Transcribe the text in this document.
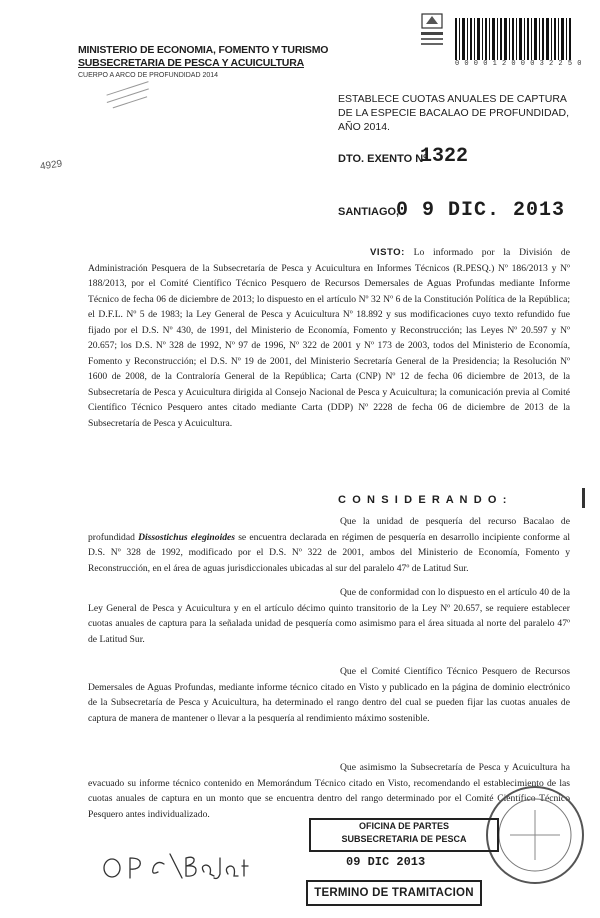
0 0 0 0 1 2 0 0 0 3 2 2 5 0
MINISTERIO DE ECONOMIA, FOMENTO Y TURISMO
SUBSECRETARIA DE PESCA Y ACUICULTURA
CUERPO A ARCO DE PROFUNDIDAD 2014
4929
ESTABLECE CUOTAS ANUALES DE CAPTURA DE LA ESPECIE BACALAO DE PROFUNDIDAD, AÑO 2014.
DTO. EXENTO Nº
1322
SANTIAGO,
0 9 DIC. 2013
VISTO: Lo informado por la División de Administración Pesquera de la Subsecretaría de Pesca y Acuicultura en Informes Técnicos (R.PESQ.) Nº 186/2013 y Nº 188/2013, por el Comité Científico Técnico Pesquero de Recursos Demersales de Aguas Profundas mediante Informe Técnico de fecha 06 de diciembre de 2013; lo dispuesto en el artículo Nº 32 Nº 6 de la Constitución Política de la República; el D.F.L. Nº 5 de 1983; la Ley General de Pesca y Acuicultura Nº 18.892 y sus modificaciones cuyo texto refundido fue fijado por el D.S. Nº 430, de 1991, del Ministerio de Economía, Fomento y Reconstrucción; las Leyes Nº 20.597 y Nº 20.657; los D.S. Nº 328 de 1992, Nº 97 de 1996, Nº 322 de 2001 y Nº 173 de 2003, todos del Ministerio de Economía, Fomento y Reconstrucción; el D.S. Nº 19 de 2001, del Ministerio Secretaría General de la Presidencia; la Resolución Nº 1600 de 2008, de la Contraloría General de la República; Carta (CNP) Nº 12 de fecha 06 diciembre de 2013, de la Subsecretaría de Pesca y Acuicultura dirigida al Consejo Nacional de Pesca y Acuicultura; la comunicación previa al Comité Científico Técnico Pesquero antes citado mediante Carta (DDP) Nº 2228 de fecha 06 de diciembre de 2013 de la Subsecretaría de Pesca y Acuicultura.
C O N S I D E R A N D O :
Que la unidad de pesquería del recurso Bacalao de profundidad Dissostichus eleginoides se encuentra declarada en régimen de pesquería en desarrollo incipiente conforme al D.S. Nº 328 de 1992, modificado por el D.S. Nº 322 de 2001, ambos del Ministerio de Economía, Fomento y Reconstrucción, en el área de aguas jurisdiccionales ubicadas al sur del paralelo 47º de Latitud Sur.
Que de conformidad con lo dispuesto en el artículo 40 de la Ley General de Pesca y Acuicultura y en el artículo décimo quinto transitorio de la Ley Nº 20.657, se requiere establecer cuotas anuales de captura para la señalada unidad de pesquería como asimismo para el área situada al norte del paralelo 47º de Latitud Sur.
Que el Comité Científico Técnico Pesquero de Recursos Demersales de Aguas Profundas, mediante informe técnico citado en Visto y publicado en la página de dominio electrónico de la Subsecretaría de Pesca y Acuicultura, ha determinado el rango dentro del cual se pueden fijar las cuotas anuales de captura de manera de mantener o llevar a la pesquería al rendimiento máximo sostenible.
Que asimismo la Subsecretaría de Pesca y Acuicultura ha evacuado su informe técnico contenido en Memorándum Técnico citado en Visto, recomendando el establecimiento de las cuotas anuales de captura en un monto que se encuentra dentro del rango determinado por el Comité Científico Técnico Pesquero antes individualizado.
OFICINA DE PARTES
SUBSECRETARIA DE PESCA
09 DIC 2013
TERMINO DE TRAMITACION
